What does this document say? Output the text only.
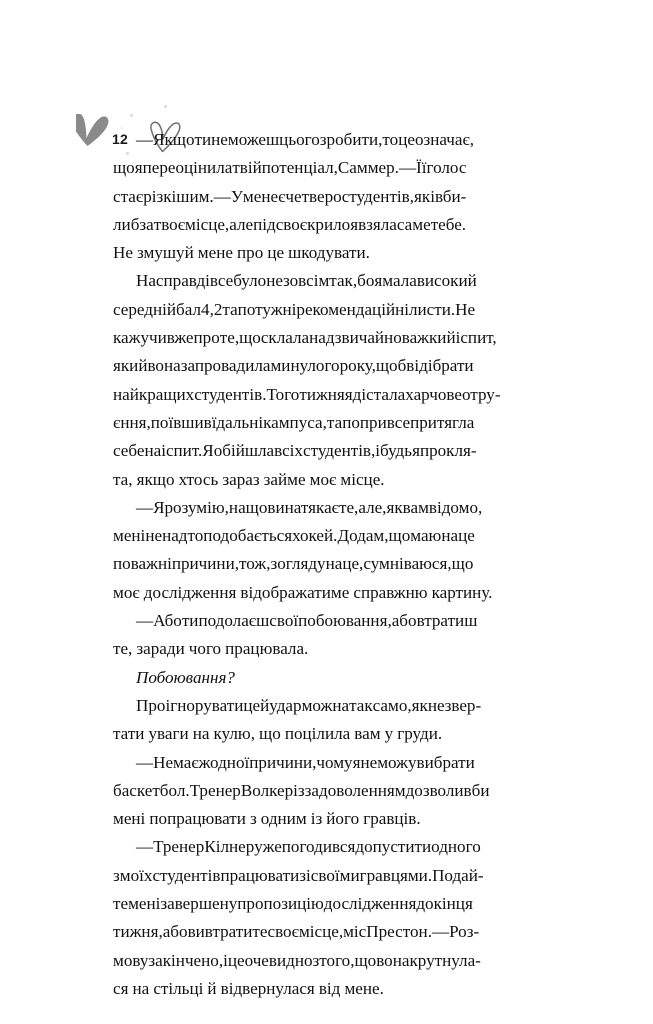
12 —Якщотинеможешцьогозробити,тоцеозначає,
щояпереоцінилатвійпотенціал,Саммер.—Їїголос
стаєрізкішим.—Уменеєчетверостудентів,яківби-
либзатвоємісце,алепідсвоєкрилоявзяласаметебе.
Не змушуй мене про це шкодувати.

Насправдівсебулонезовсімтак,боямалависокий
середнійбал4,2тапотужнірекомендаційнілисти.Не
кажучивжепроте,щосклаланадзвичайноважкийіспит,
якийвоназапровадиламинулогороку,щобвідібрати
найкращихстудентів.Тоготижняядісталахарчовеотру-
єння,поївшивїдальнікампуса,тапопривсепритягла
себенаіспит.Яобійшлавсіхстудентів,ібудьяпрокля-
та, якщо хтось зараз займе моє місце.

—Ярозумію,нащовинатякаєте,але,яквамвідомо,
меніненадтоподобаєтьсяхокей.Додам,щомаюнаце
поважніпричини,тож,зоглядунаце,сумніваюся,що
моє дослідження відображатиме справжню картину.

—Аботиподолаєшсвоїпобоювання,абовтратиш
те, заради чого працювала.

Побоювання?

Проігноруватицейударможнатаксамо,якнезвер-
тати уваги на кулю, що поцілила вам у груди.

—Немаєжодноїпричини,чомуянеможувибрати
баскетбол.ТренерВолкеріззадоволеннямдозволивби
мені попрацювати з одним із його гравців.

—ТренерКілнеружепогодивсядопуститиодного
змоїхстудентівпрацюватизісвоїмигравцями.Подай-
теменізавершенупропозиціюдослідженнядокінця
тижня,абовивтратитесвоємісце,місПрестон.—Роз-
мовузакінчено,іцеочевиднозтого,щовонакрутнула-
ся на стільці й відвернулася від мене.
